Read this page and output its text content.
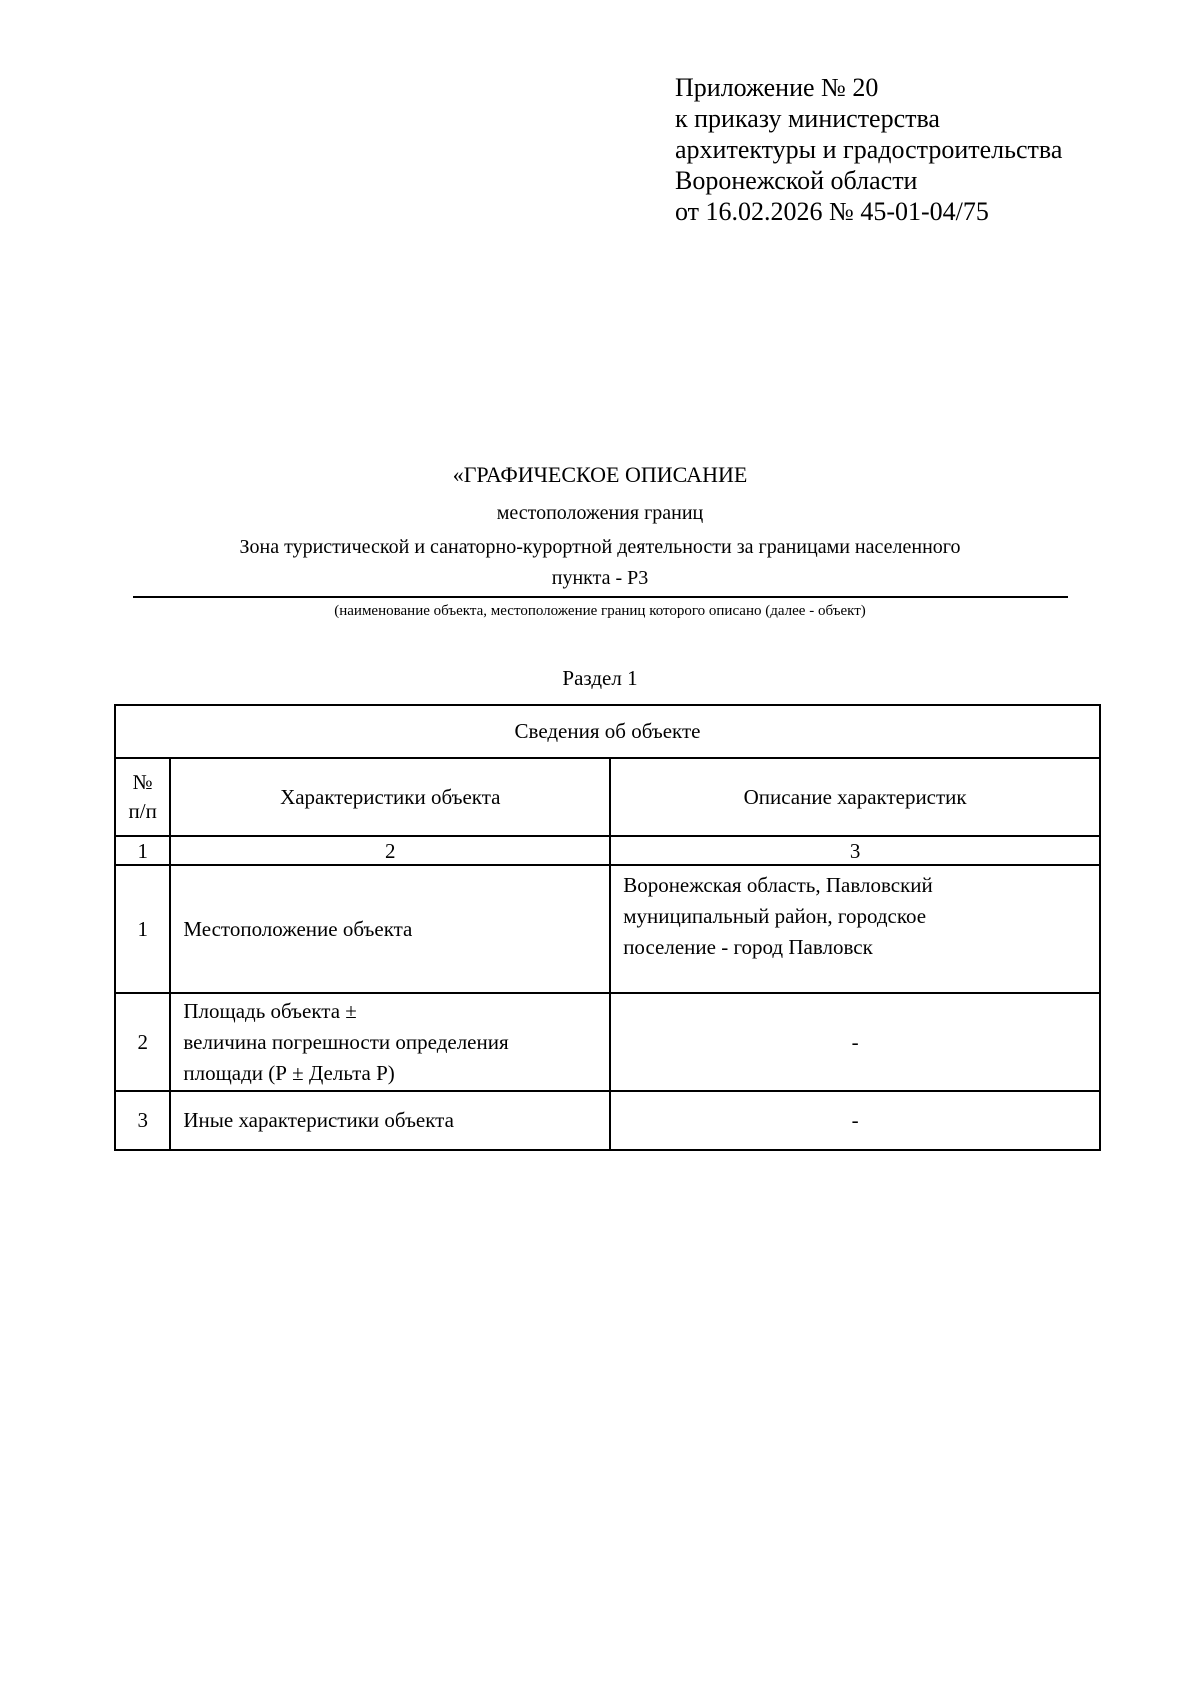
Приложение № 20
к приказу министерства
архитектуры и градостроительства
Воронежской области
от 16.02.2026 № 45-01-04/75
«ГРАФИЧЕСКОЕ ОПИСАНИЕ
местоположения границ
Зона туристической и санаторно-курортной деятельности за границами населенного
пункта - Р3
(наименование объекта, местоположение границ которого описано (далее - объект)
Раздел 1
Сведения об объекте		

№
п/п	Характеристики объекта	Описание характеристик
1	2	3
1	Местоположение объекта	Воронежская область, Павловский
муниципальный район, городское
поселение - город Павловск

2	Площадь объекта ±
величина погрешности определения
площади (Р ± Дельта Р)	-
3	Иные характеристики объекта	-
